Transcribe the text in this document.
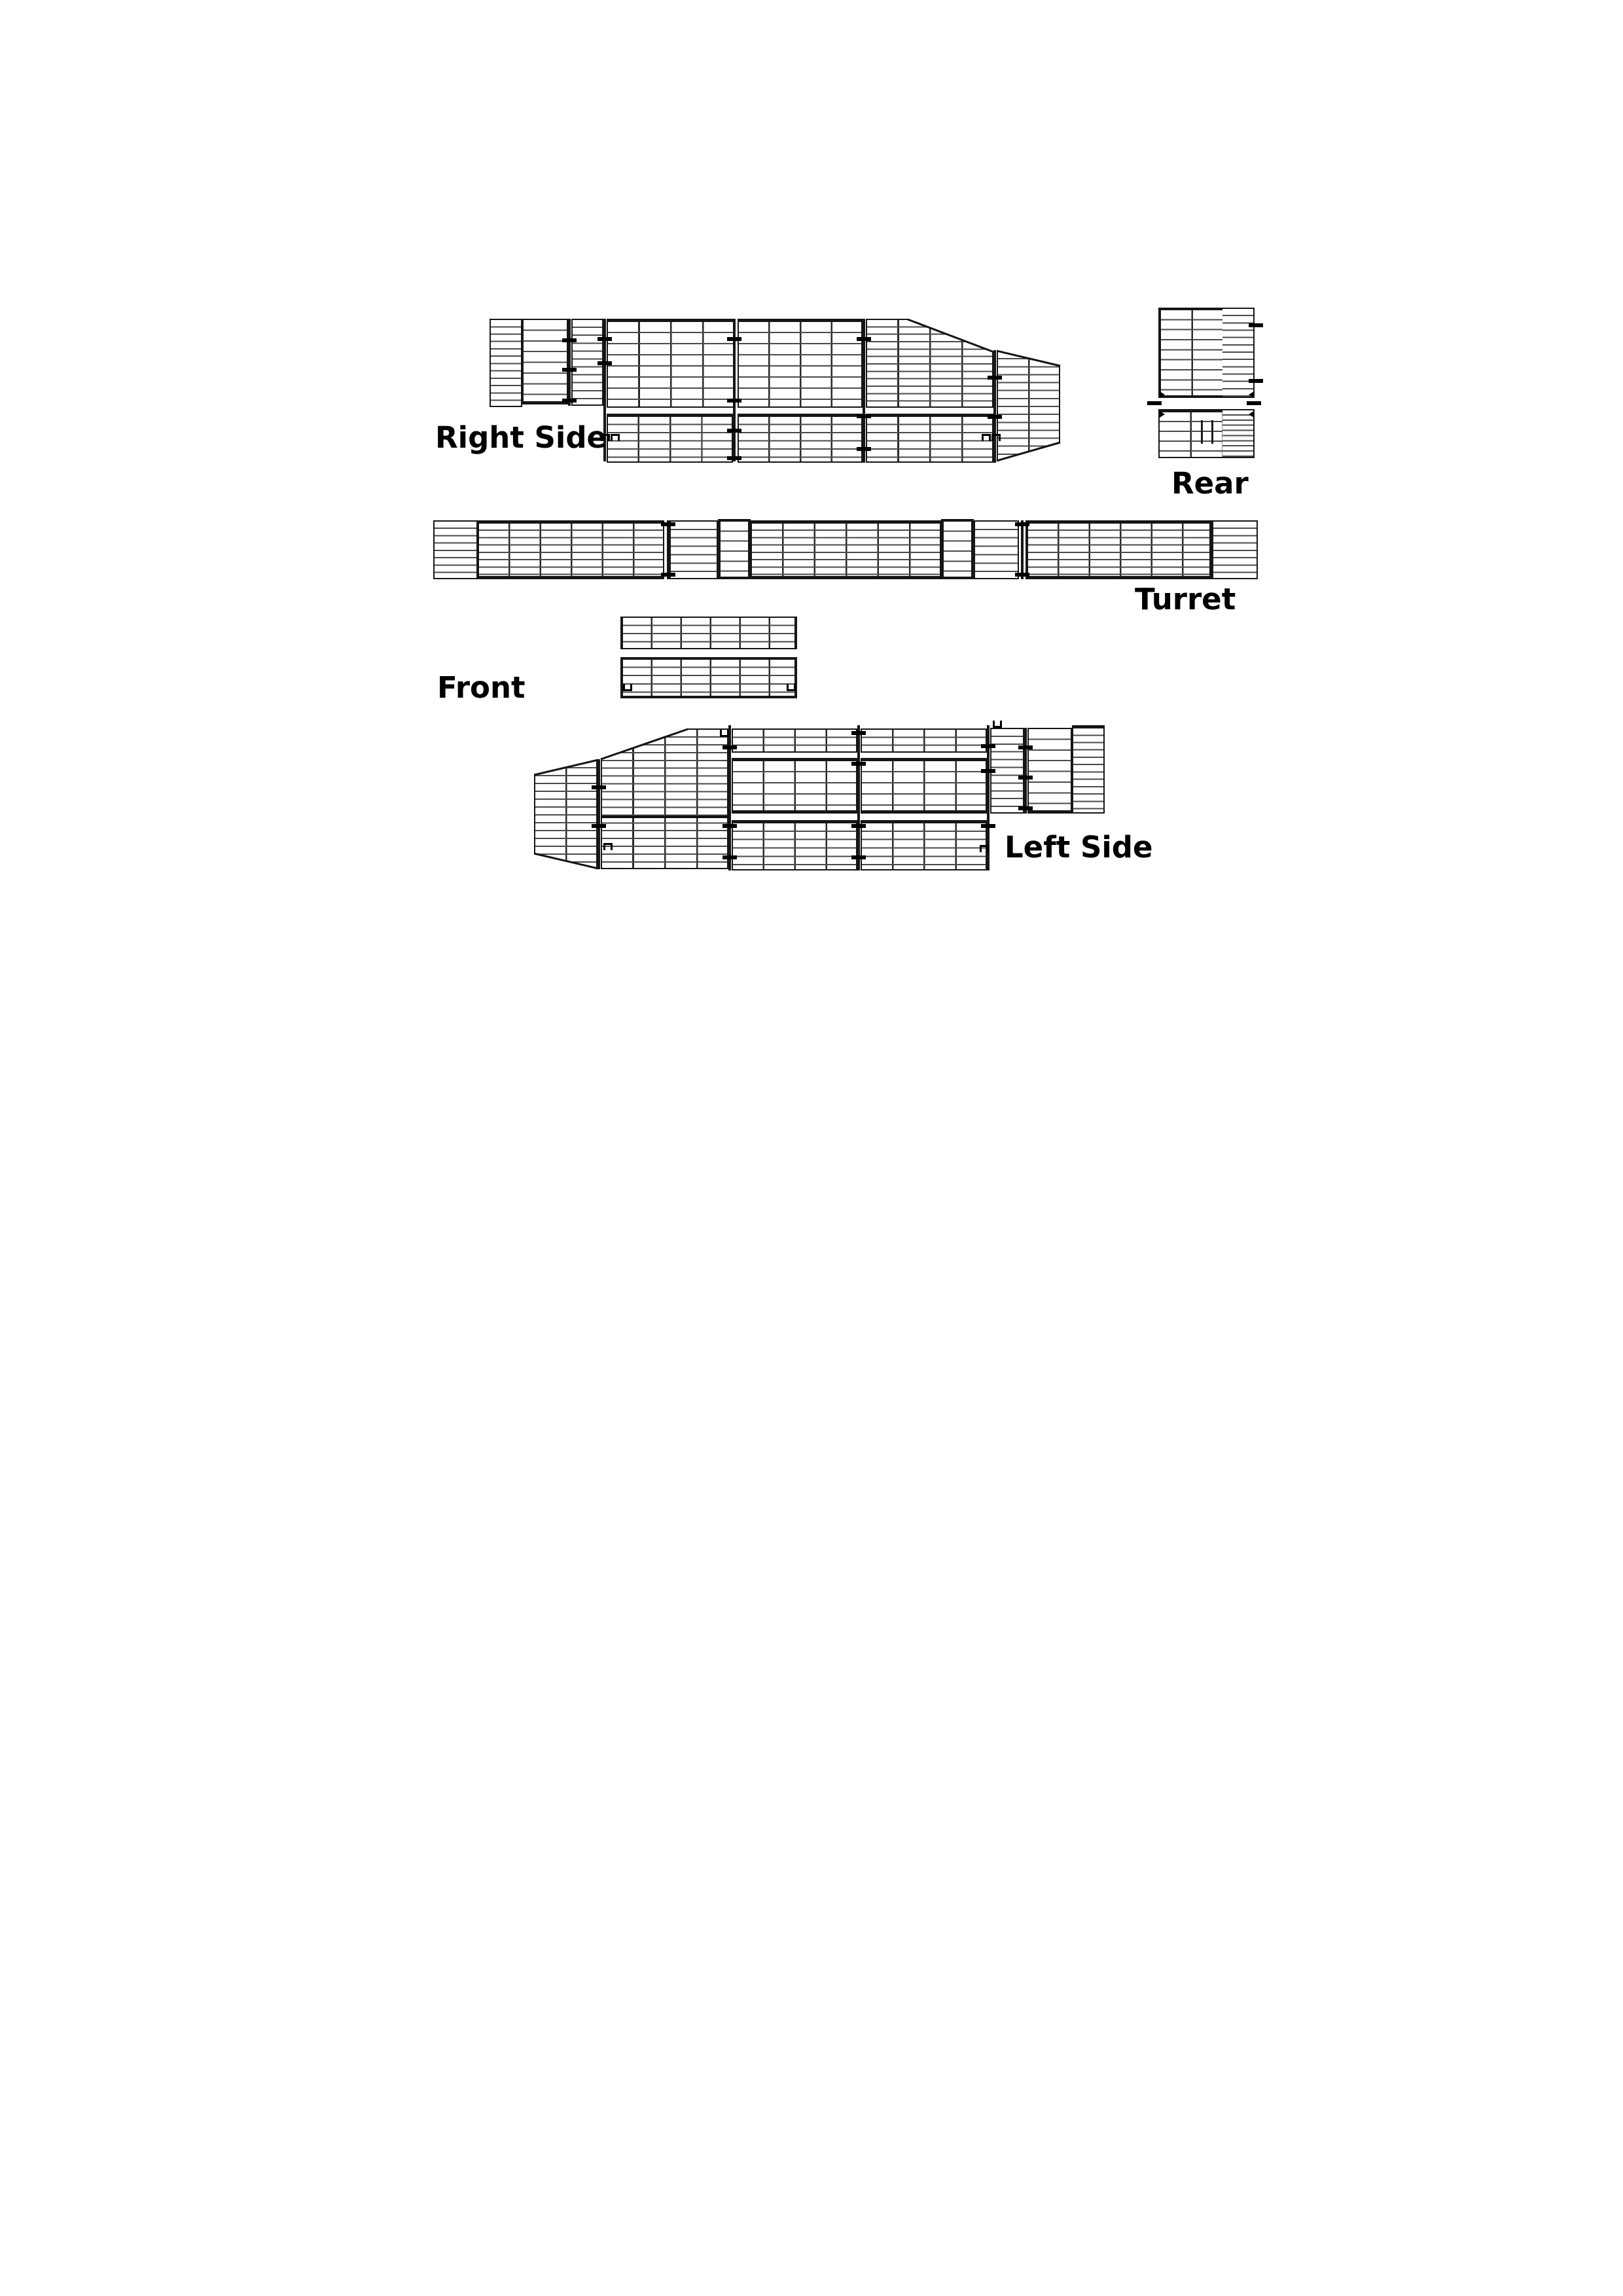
Right Side
Rear
Turret
Front
Left Side
